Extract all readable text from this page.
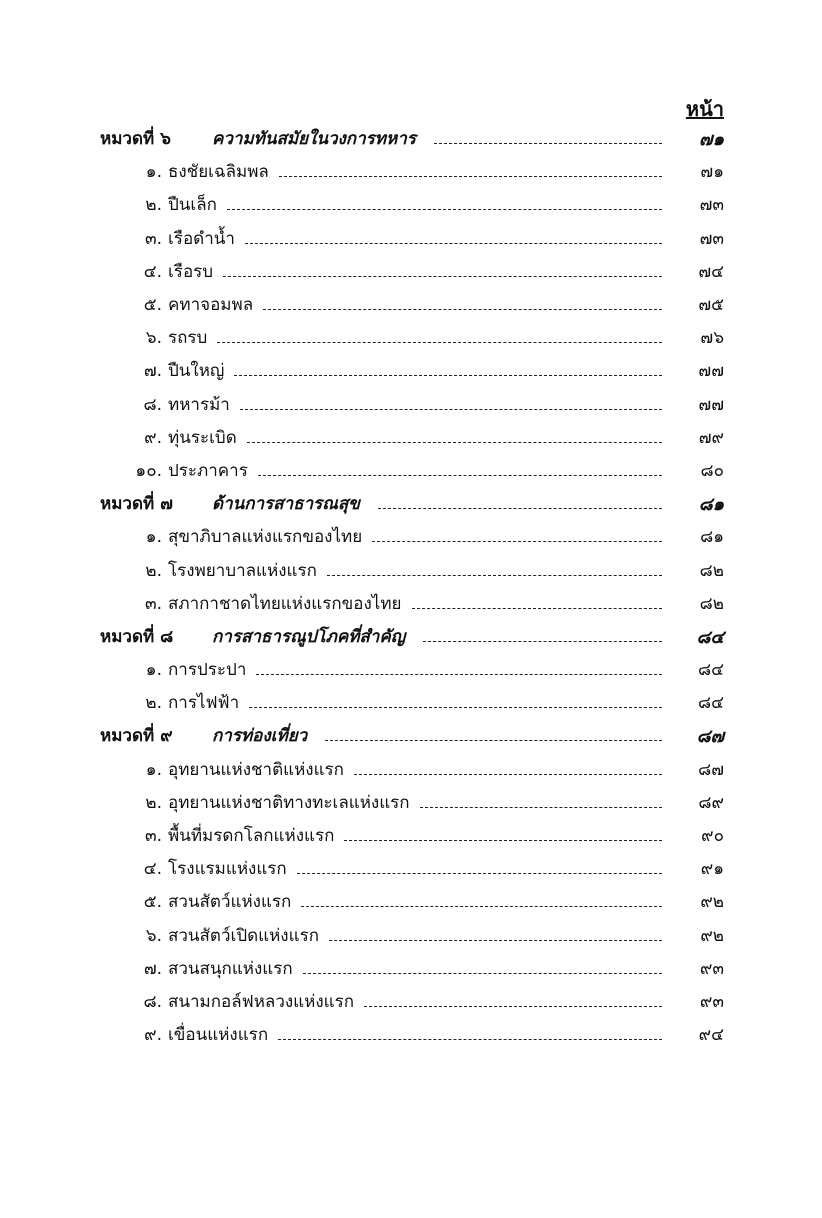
หน้า
หมวดที่ ๖	ความทันสมัยในวงการทหาร	๗๑
๑. ธงชัยเฉลิมพล	๗๑
๒. ปืนเล็ก	๗๓
๓. เรือดำน้ำ	๗๓
๔. เรือรบ	๗๔
๕. คทาจอมพล	๗๕
๖. รถรบ	๗๖
๗. ปืนใหญ่	๗๗
๘. ทหารม้า	๗๗
๙. ทุ่นระเบิด	๗๙
๑๐. ประภาคาร	๘๐
หมวดที่ ๗	ด้านการสาธารณสุข	๘๑
๑. สุขาภิบาลแห่งแรกของไทย	๘๑
๒. โรงพยาบาลแห่งแรก	๘๒
๓. สภากาชาดไทยแห่งแรกของไทย	๘๒
หมวดที่ ๘	การสาธารณูปโภคที่สำคัญ	๘๔
๑. การประปา	๘๔
๒. การไฟฟ้า	๘๔
หมวดที่ ๙	การท่องเที่ยว	๘๗
๑. อุทยานแห่งชาติแห่งแรก	๘๗
๒. อุทยานแห่งชาติทางทะเลแห่งแรก	๘๙
๓. พื้นที่มรดกโลกแห่งแรก	๙๐
๔. โรงแรมแห่งแรก	๙๑
๕. สวนสัตว์แห่งแรก	๙๒
๖. สวนสัตว์เปิดแห่งแรก	๙๒
๗. สวนสนุกแห่งแรก	๙๓
๘. สนามกอล์ฟหลวงแห่งแรก	๙๓
๙. เขื่อนแห่งแรก	๙๔
